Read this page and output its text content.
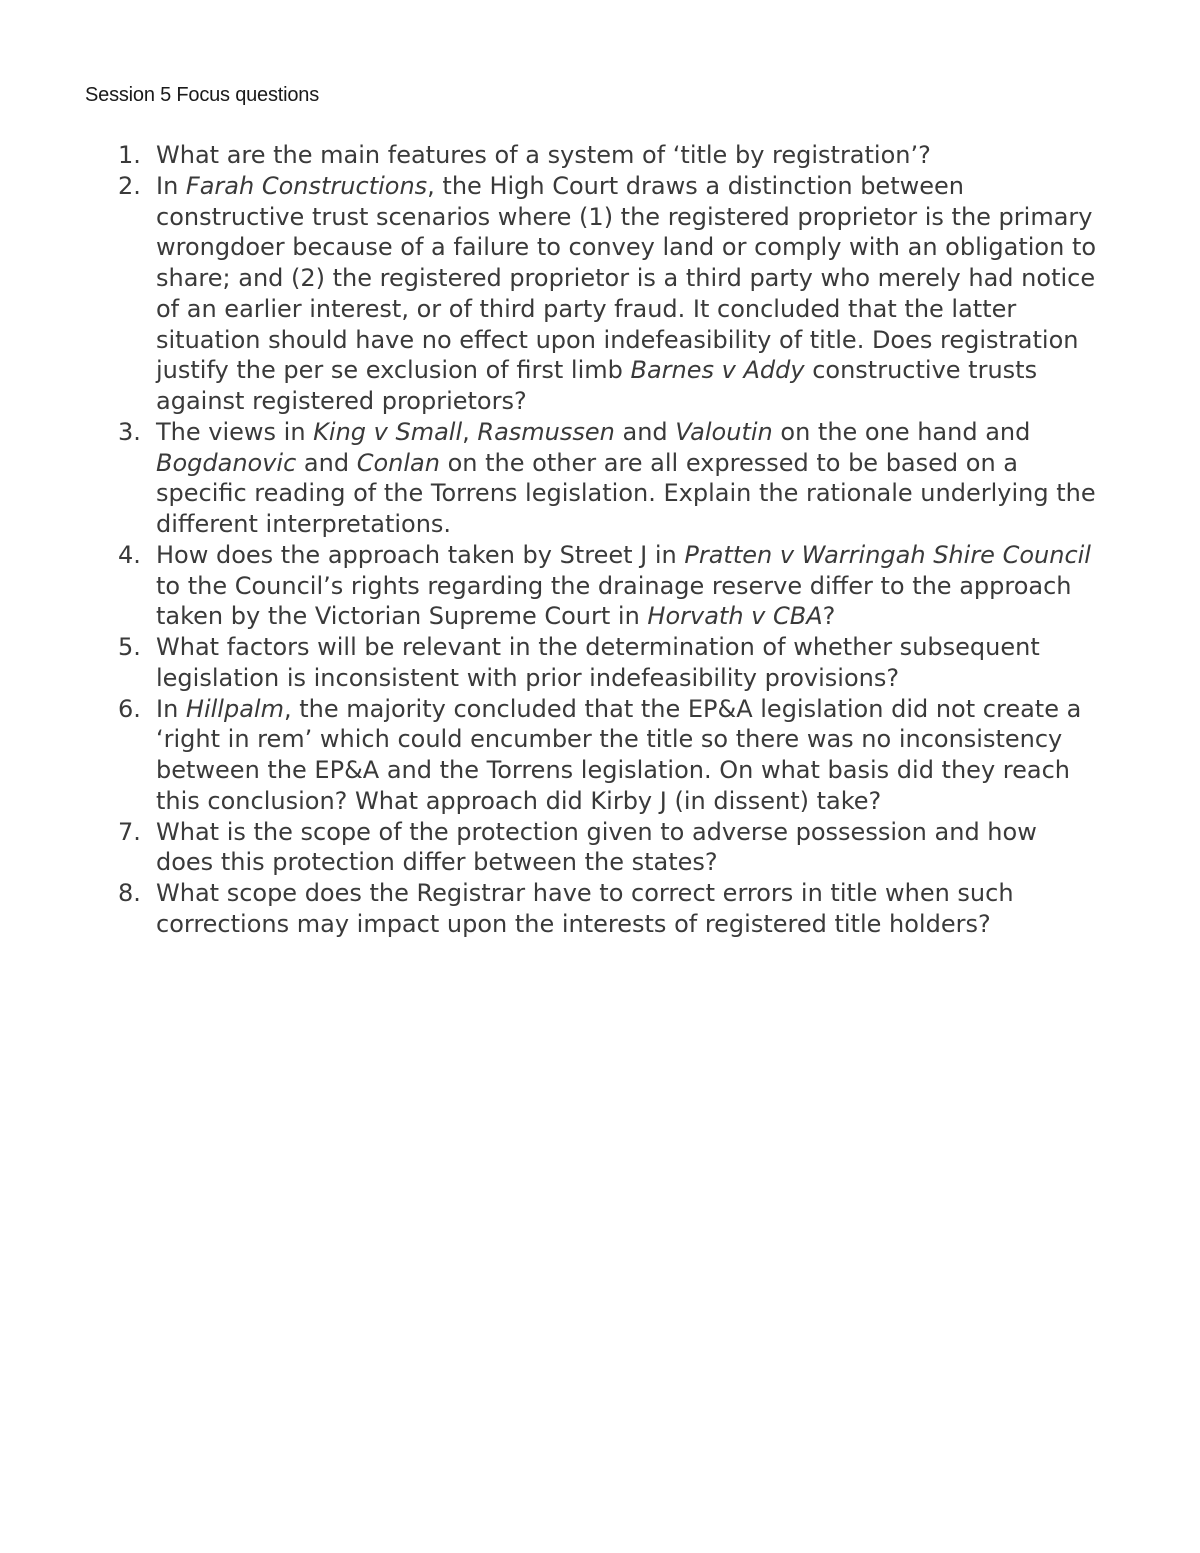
Session 5 Focus questions
1. What are the main features of a system of ‘title by registration’?
2. In Farah Constructions, the High Court draws a distinction between constructive trust scenarios where (1) the registered proprietor is the primary wrongdoer because of a failure to convey land or comply with an obligation to share; and (2) the registered proprietor is a third party who merely had notice of an earlier interest, or of third party fraud. It concluded that the latter situation should have no effect upon indefeasibility of title. Does registration justify the per se exclusion of first limb Barnes v Addy constructive trusts against registered proprietors?
3. The views in King v Small, Rasmussen and Valoutin on the one hand and Bogdanovic and Conlan on the other are all expressed to be based on a specific reading of the Torrens legislation. Explain the rationale underlying the different interpretations.
4. How does the approach taken by Street J in Pratten v Warringah Shire Council to the Council’s rights regarding the drainage reserve differ to the approach taken by the Victorian Supreme Court in Horvath v CBA?
5. What factors will be relevant in the determination of whether subsequent legislation is inconsistent with prior indefeasibility provisions?
6. In Hillpalm, the majority concluded that the EP&A legislation did not create a ‘right in rem’ which could encumber the title so there was no inconsistency between the EP&A and the Torrens legislation. On what basis did they reach this conclusion? What approach did Kirby J (in dissent) take?
7. What is the scope of the protection given to adverse possession and how does this protection differ between the states?
8. What scope does the Registrar have to correct errors in title when such corrections may impact upon the interests of registered title holders?
